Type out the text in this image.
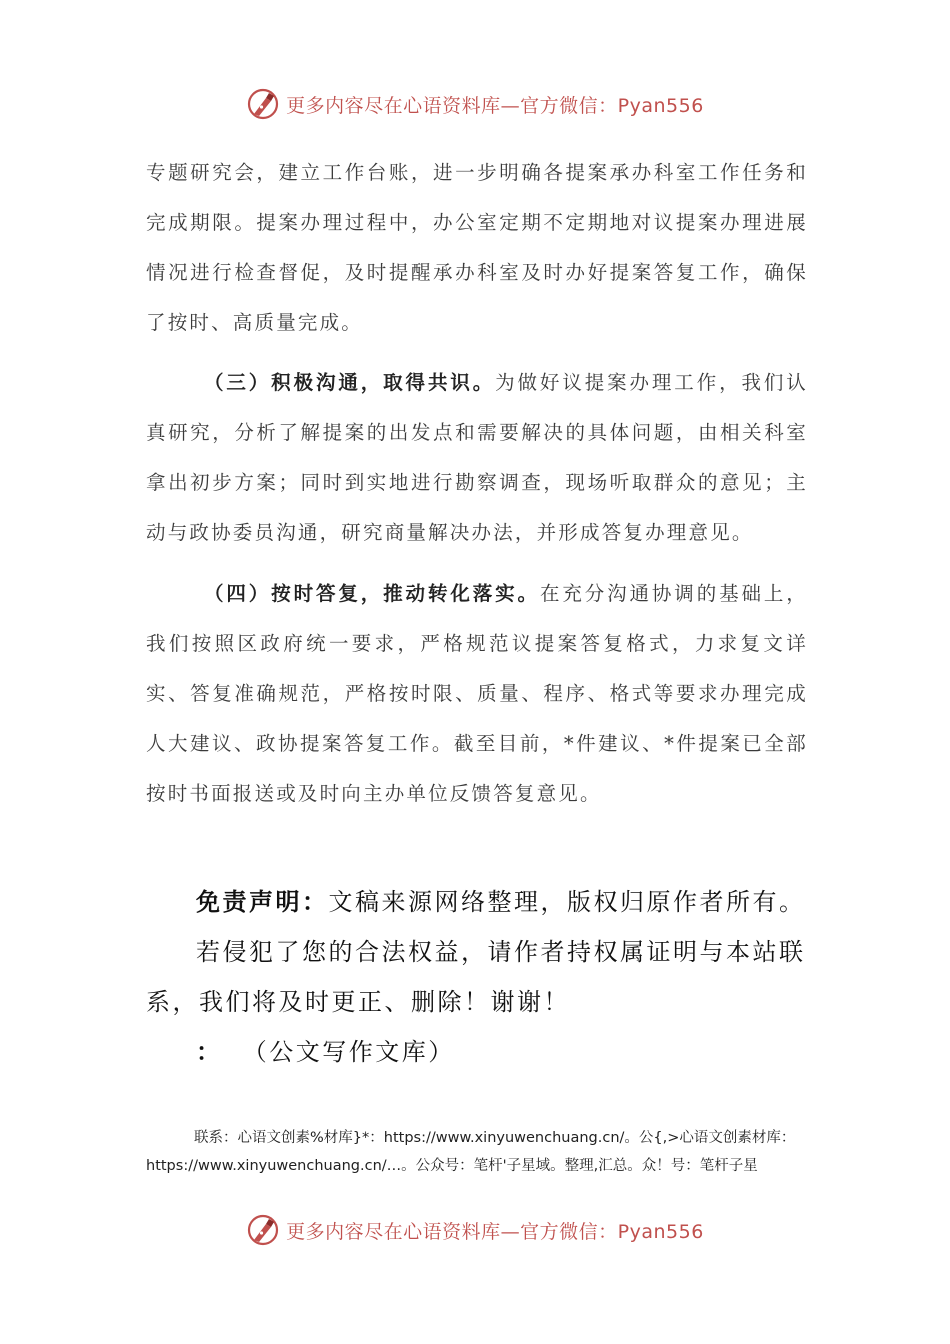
更多内容尽在心语资料库—官方微信：Pyan556

专题研究会，建立工作台账，进一步明确各提案承办科室工作任务和完成期限。提案办理过程中，办公室定期不定期地对议提案办理进展情况进行检查督促，及时提醒承办科室及时办好提案答复工作，确保了按时、高质量完成。

（三）积极沟通，取得共识。为做好议提案办理工作，我们认真研究，分析了解提案的出发点和需要解决的具体问题，由相关科室拿出初步方案；同时到实地进行勘察调查，现场听取群众的意见；主动与政协委员沟通，研究商量解决办法，并形成答复办理意见。

（四）按时答复，推动转化落实。在充分沟通协调的基础上，我们按照区政府统一要求，严格规范议提案答复格式，力求复文详实、答复准确规范，严格按时限、质量、程序、格式等要求办理完成人大建议、政协提案答复工作。截至目前，*件建议、*件提案已全部按时书面报送或及时向主办单位反馈答复意见。

免责声明：文稿来源网络整理，版权归原作者所有。

若侵犯了您的合法权益，请作者持权属证明与本站联系，我们将及时更正、删除！谢谢！

： （公文写作文库）

联系：心语文创素%材库}*：https://www.xinyuwenchuang.cn/。公{,>心语文创素材库：https://www.xinyuwenchuang.cn/…。公众号：笔杆'子星域。整理,汇总。众！号：笔杆子星

更多内容尽在心语资料库—官方微信：Pyan556
